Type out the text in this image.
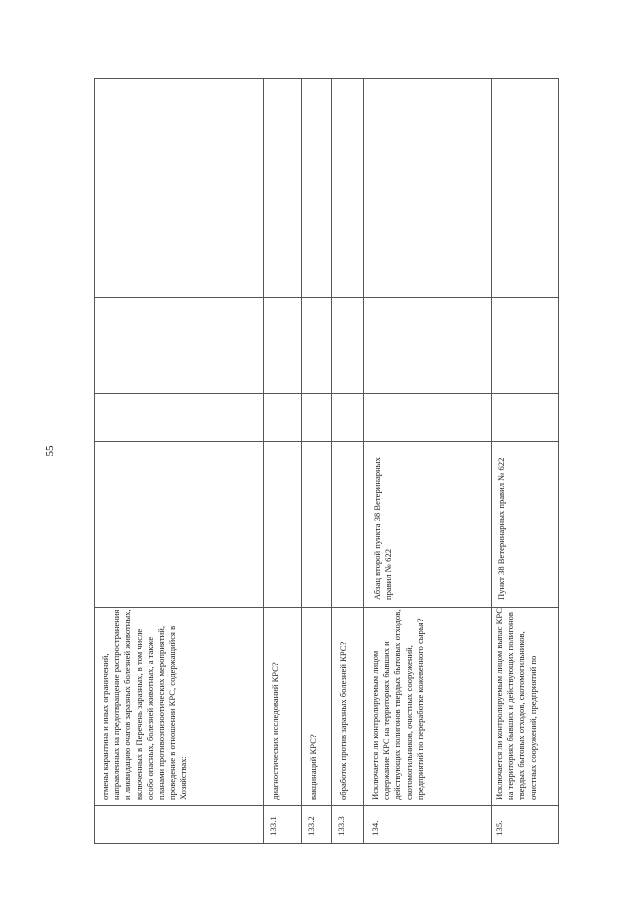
55
отмены карантина и иных ограничений, направленных на предотвращение распространения и ликвидацию очагов заразных болезней животных, включенных в Перечень заразных, в том числе особо опасных, болезней животных, а также планами противоэпизоотических мероприятий, проведение в отношении КРС, содержащийся в Хозяйствах:
133.1
диагностических исследований КРС?
133.2
вакцинаций КРС?
133.3
обработок против заразных болезней КРС?
134.
Исключается ли контролируемым лицом содержание КРС на территориях бывших и действующих полигонов твердых бытовых отходов, скотомогильников, очистных сооружений, предприятий по переработке кожевенного сырья?
Абзац второй пункта 38 Ветеринарных правил № 622
135.
Исключается ли контролируемым лицом выпас КРС на территориях бывших и действующих полигонов твердых бытовых отходов, скотомогильников, очистных сооружений, предприятий по
Пункт 38 Ветеринарных правил № 622
